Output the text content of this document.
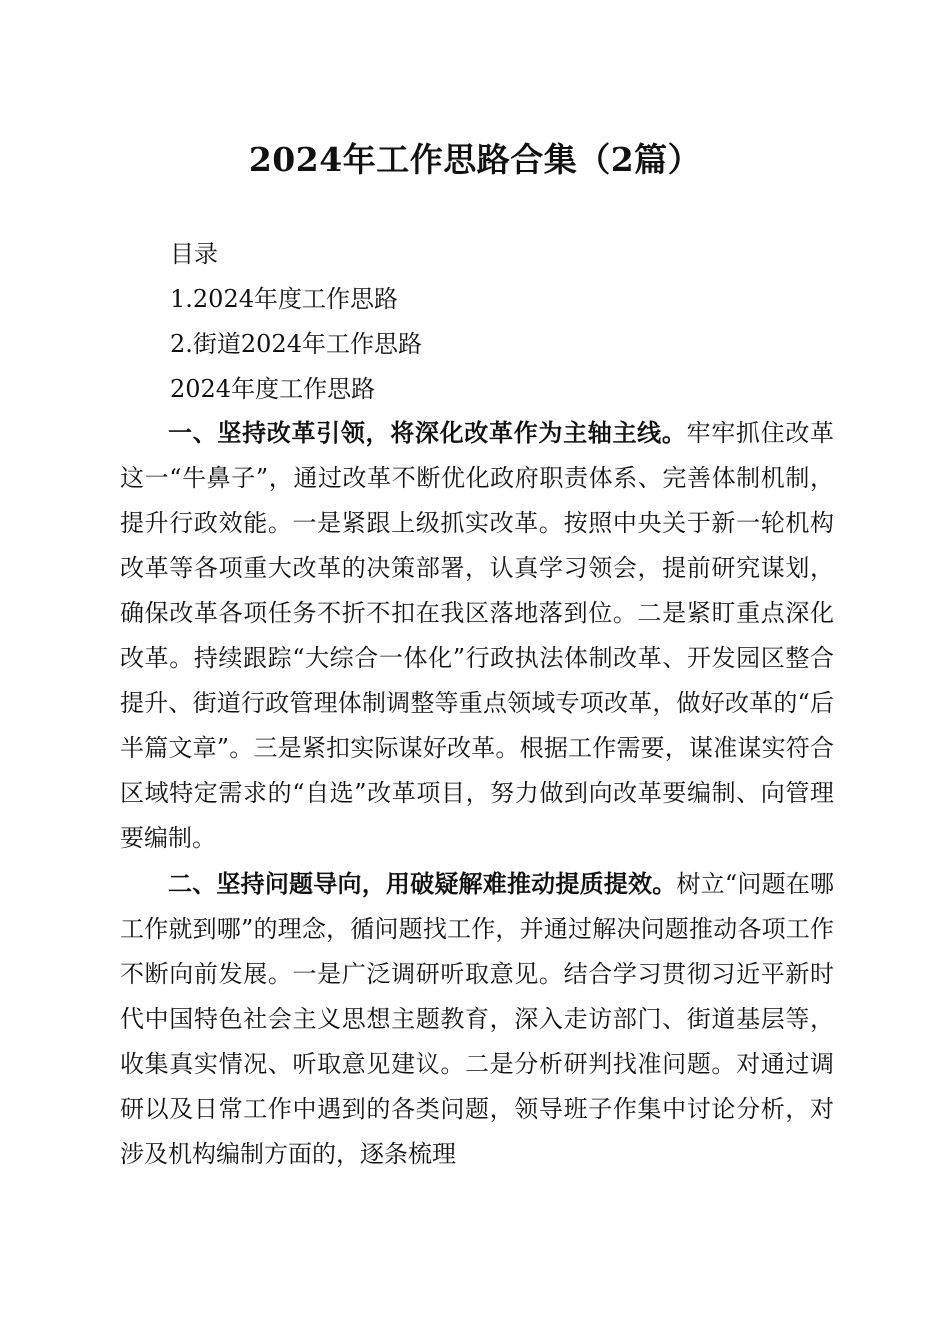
2024年工作思路合集（2篇）
目录
1.2024年度工作思路
2.街道2024年工作思路
2024年度工作思路

一、坚持改革引领，将深化改革作为主轴主线。牢牢抓住改革这一“牛鼻子”，通过改革不断优化政府职责体系、完善体制机制，提升行政效能。一是紧跟上级抓实改革。按照中央关于新一轮机构改革等各项重大改革的决策部署，认真学习领会，提前研究谋划，确保改革各项任务不折不扣在我区落地落到位。二是紧盯重点深化改革。持续跟踪“大综合一体化”行政执法体制改革、开发园区整合提升、街道行政管理体制调整等重点领域专项改革，做好改革的“后半篇文章”。三是紧扣实际谋好改革。根据工作需要，谋准谋实符合区域特定需求的“自选”改革项目，努力做到向改革要编制、向管理要编制。

二、坚持问题导向，用破疑解难推动提质提效。树立“问题在哪工作就到哪”的理念，循问题找工作，并通过解决问题推动各项工作不断向前发展。一是广泛调研听取意见。结合学习贯彻习近平新时代中国特色社会主义思想主题教育，深入走访部门、街道基层等，收集真实情况、听取意见建议。二是分析研判找准问题。对通过调研以及日常工作中遇到的各类问题，领导班子作集中讨论分析，对涉及机构编制方面的，逐条梳理
